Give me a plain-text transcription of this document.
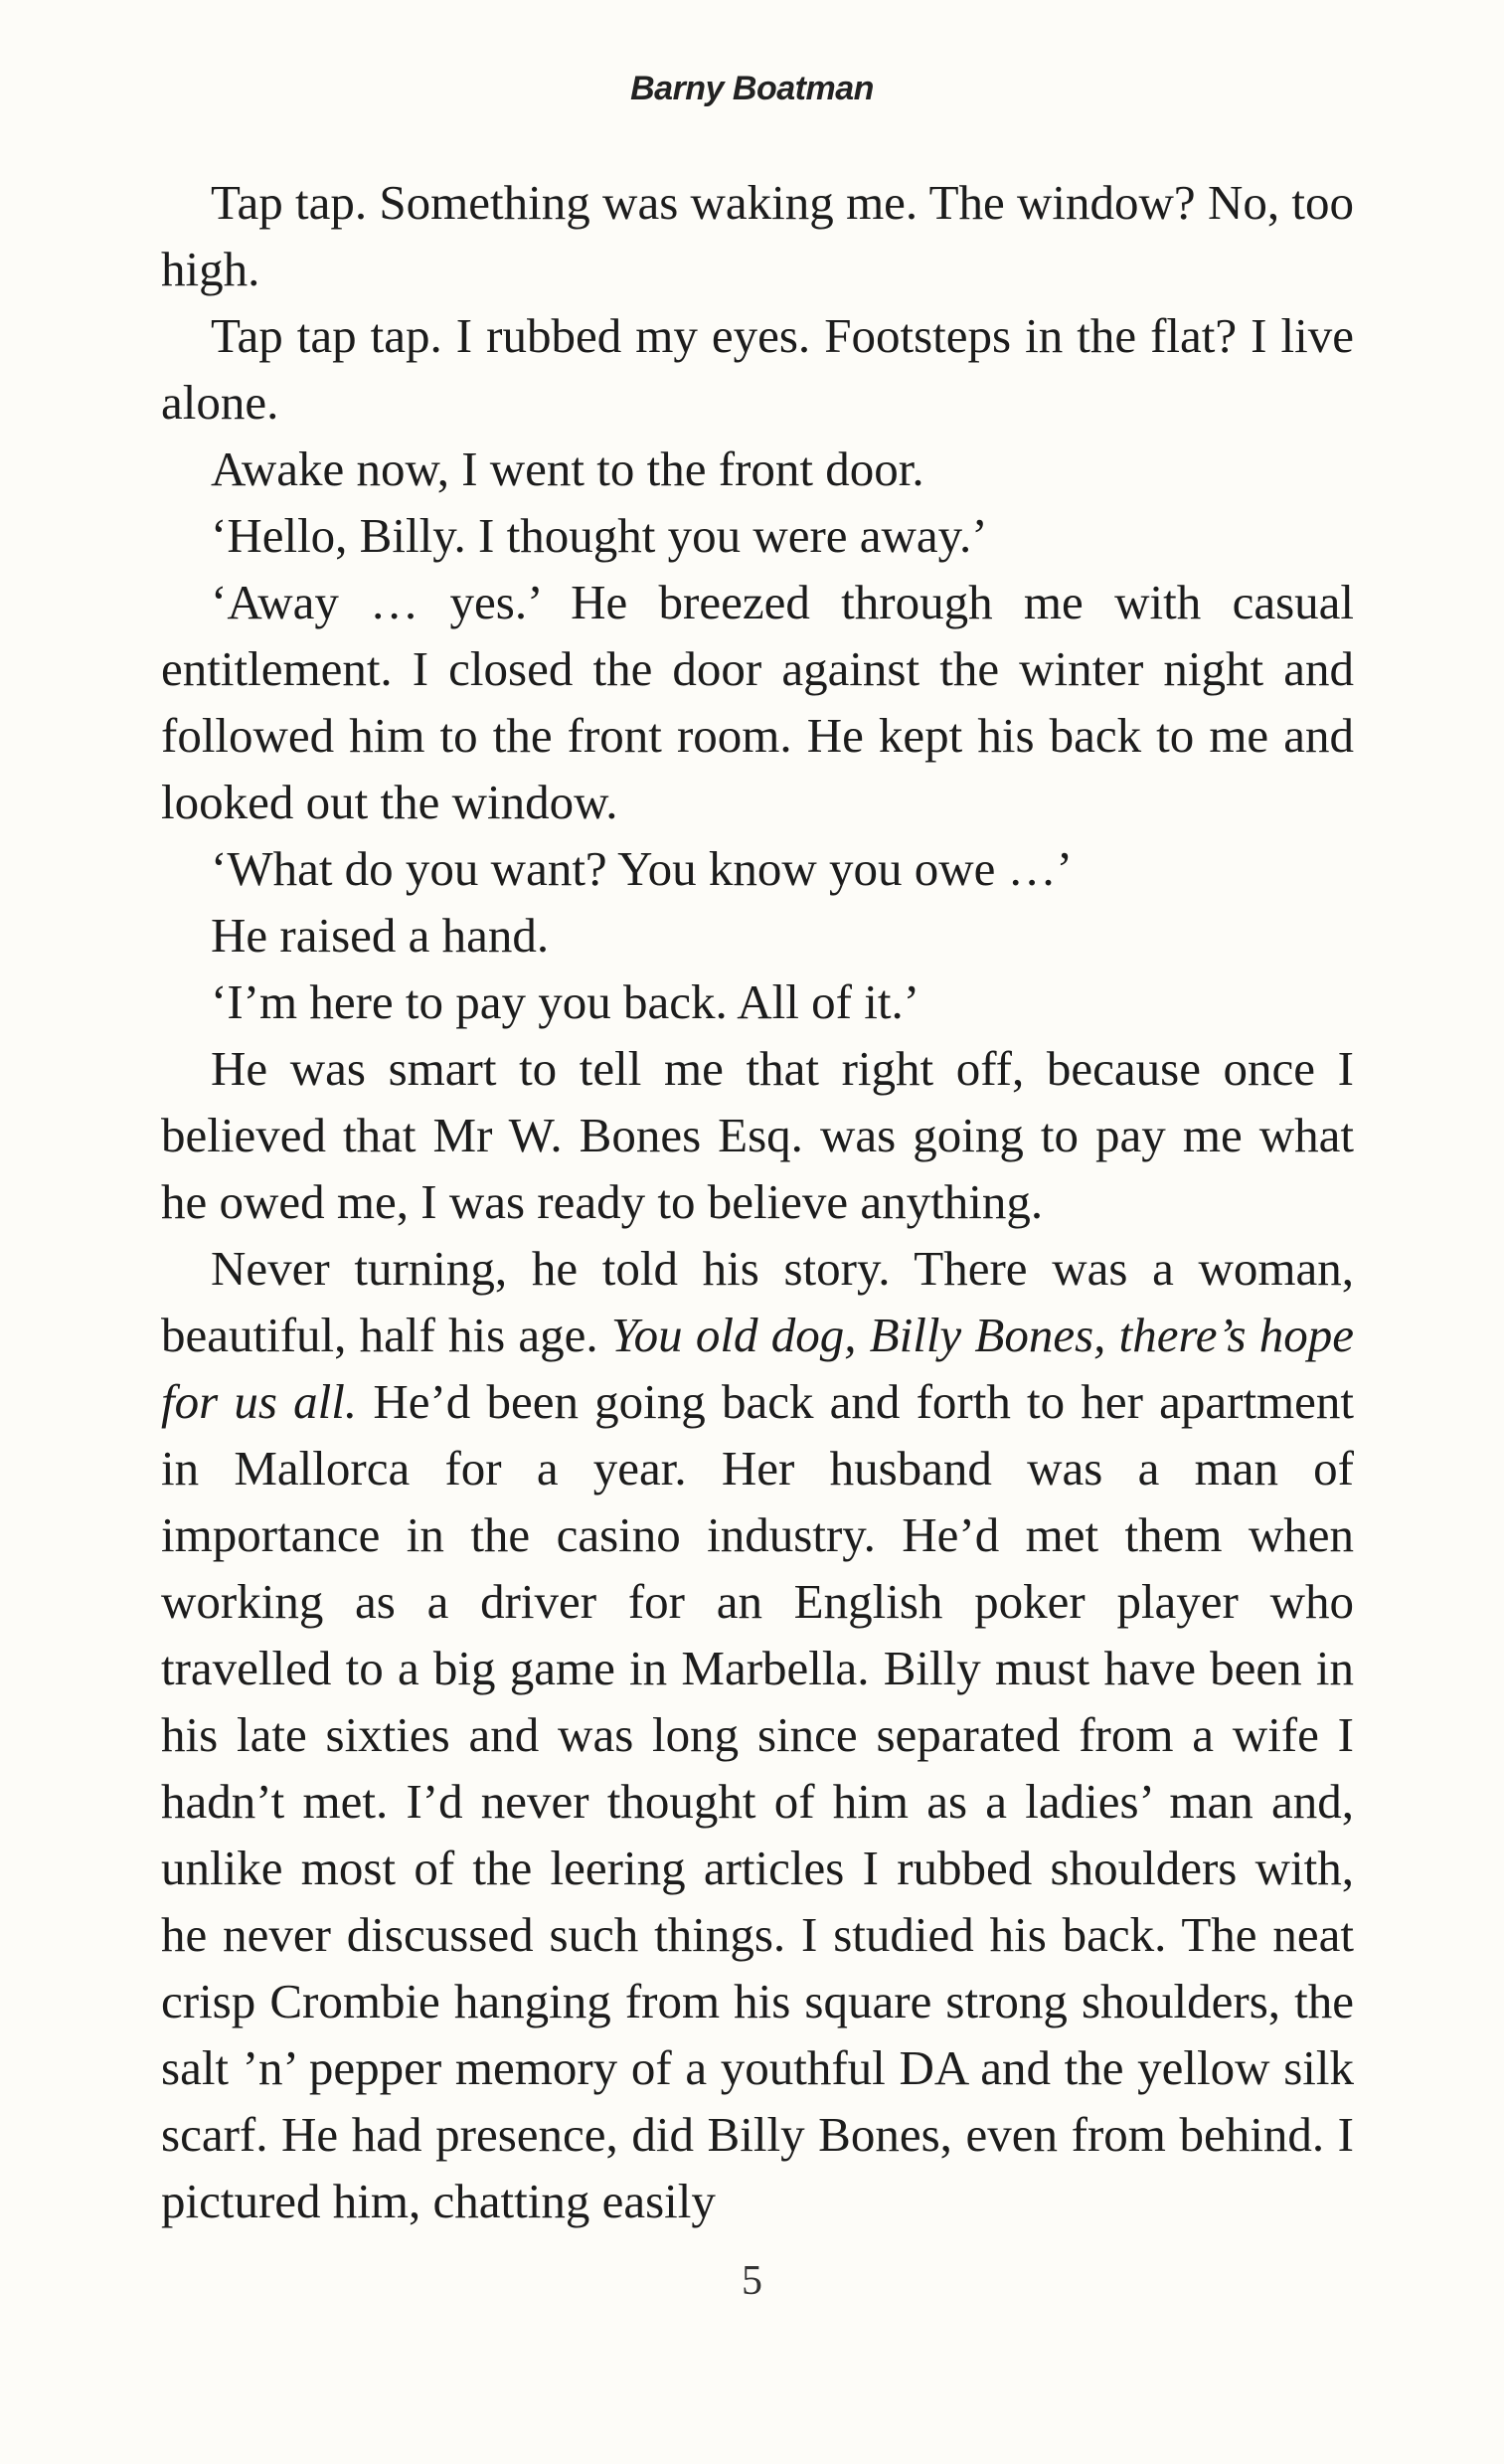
Barny Boatman

Tap tap. Something was waking me. The window? No, too high.

Tap tap tap. I rubbed my eyes. Footsteps in the flat? I live alone.

Awake now, I went to the front door.

‘Hello, Billy. I thought you were away.’

‘Away … yes.’ He breezed through me with casual entitlement. I closed the door against the winter night and followed him to the front room. He kept his back to me and looked out the window.

‘What do you want? You know you owe …’

He raised a hand.

‘I’m here to pay you back. All of it.’

He was smart to tell me that right off, because once I believed that Mr W. Bones Esq. was going to pay me what he owed me, I was ready to believe anything.

Never turning, he told his story. There was a woman, beautiful, half his age. You old dog, Billy Bones, there’s hope for us all. He’d been going back and forth to her apartment in Mallorca for a year. Her husband was a man of importance in the casino industry. He’d met them when working as a driver for an English poker player who travelled to a big game in Marbella. Billy must have been in his late sixties and was long since separated from a wife I hadn’t met. I’d never thought of him as a ladies’ man and, unlike most of the leering articles I rubbed shoulders with, he never discussed such things. I studied his back. The neat crisp Crombie hanging from his square strong shoulders, the salt ’n’ pepper memory of a youthful DA and the yellow silk scarf. He had presence, did Billy Bones, even from behind. I pictured him, chatting easily

5
